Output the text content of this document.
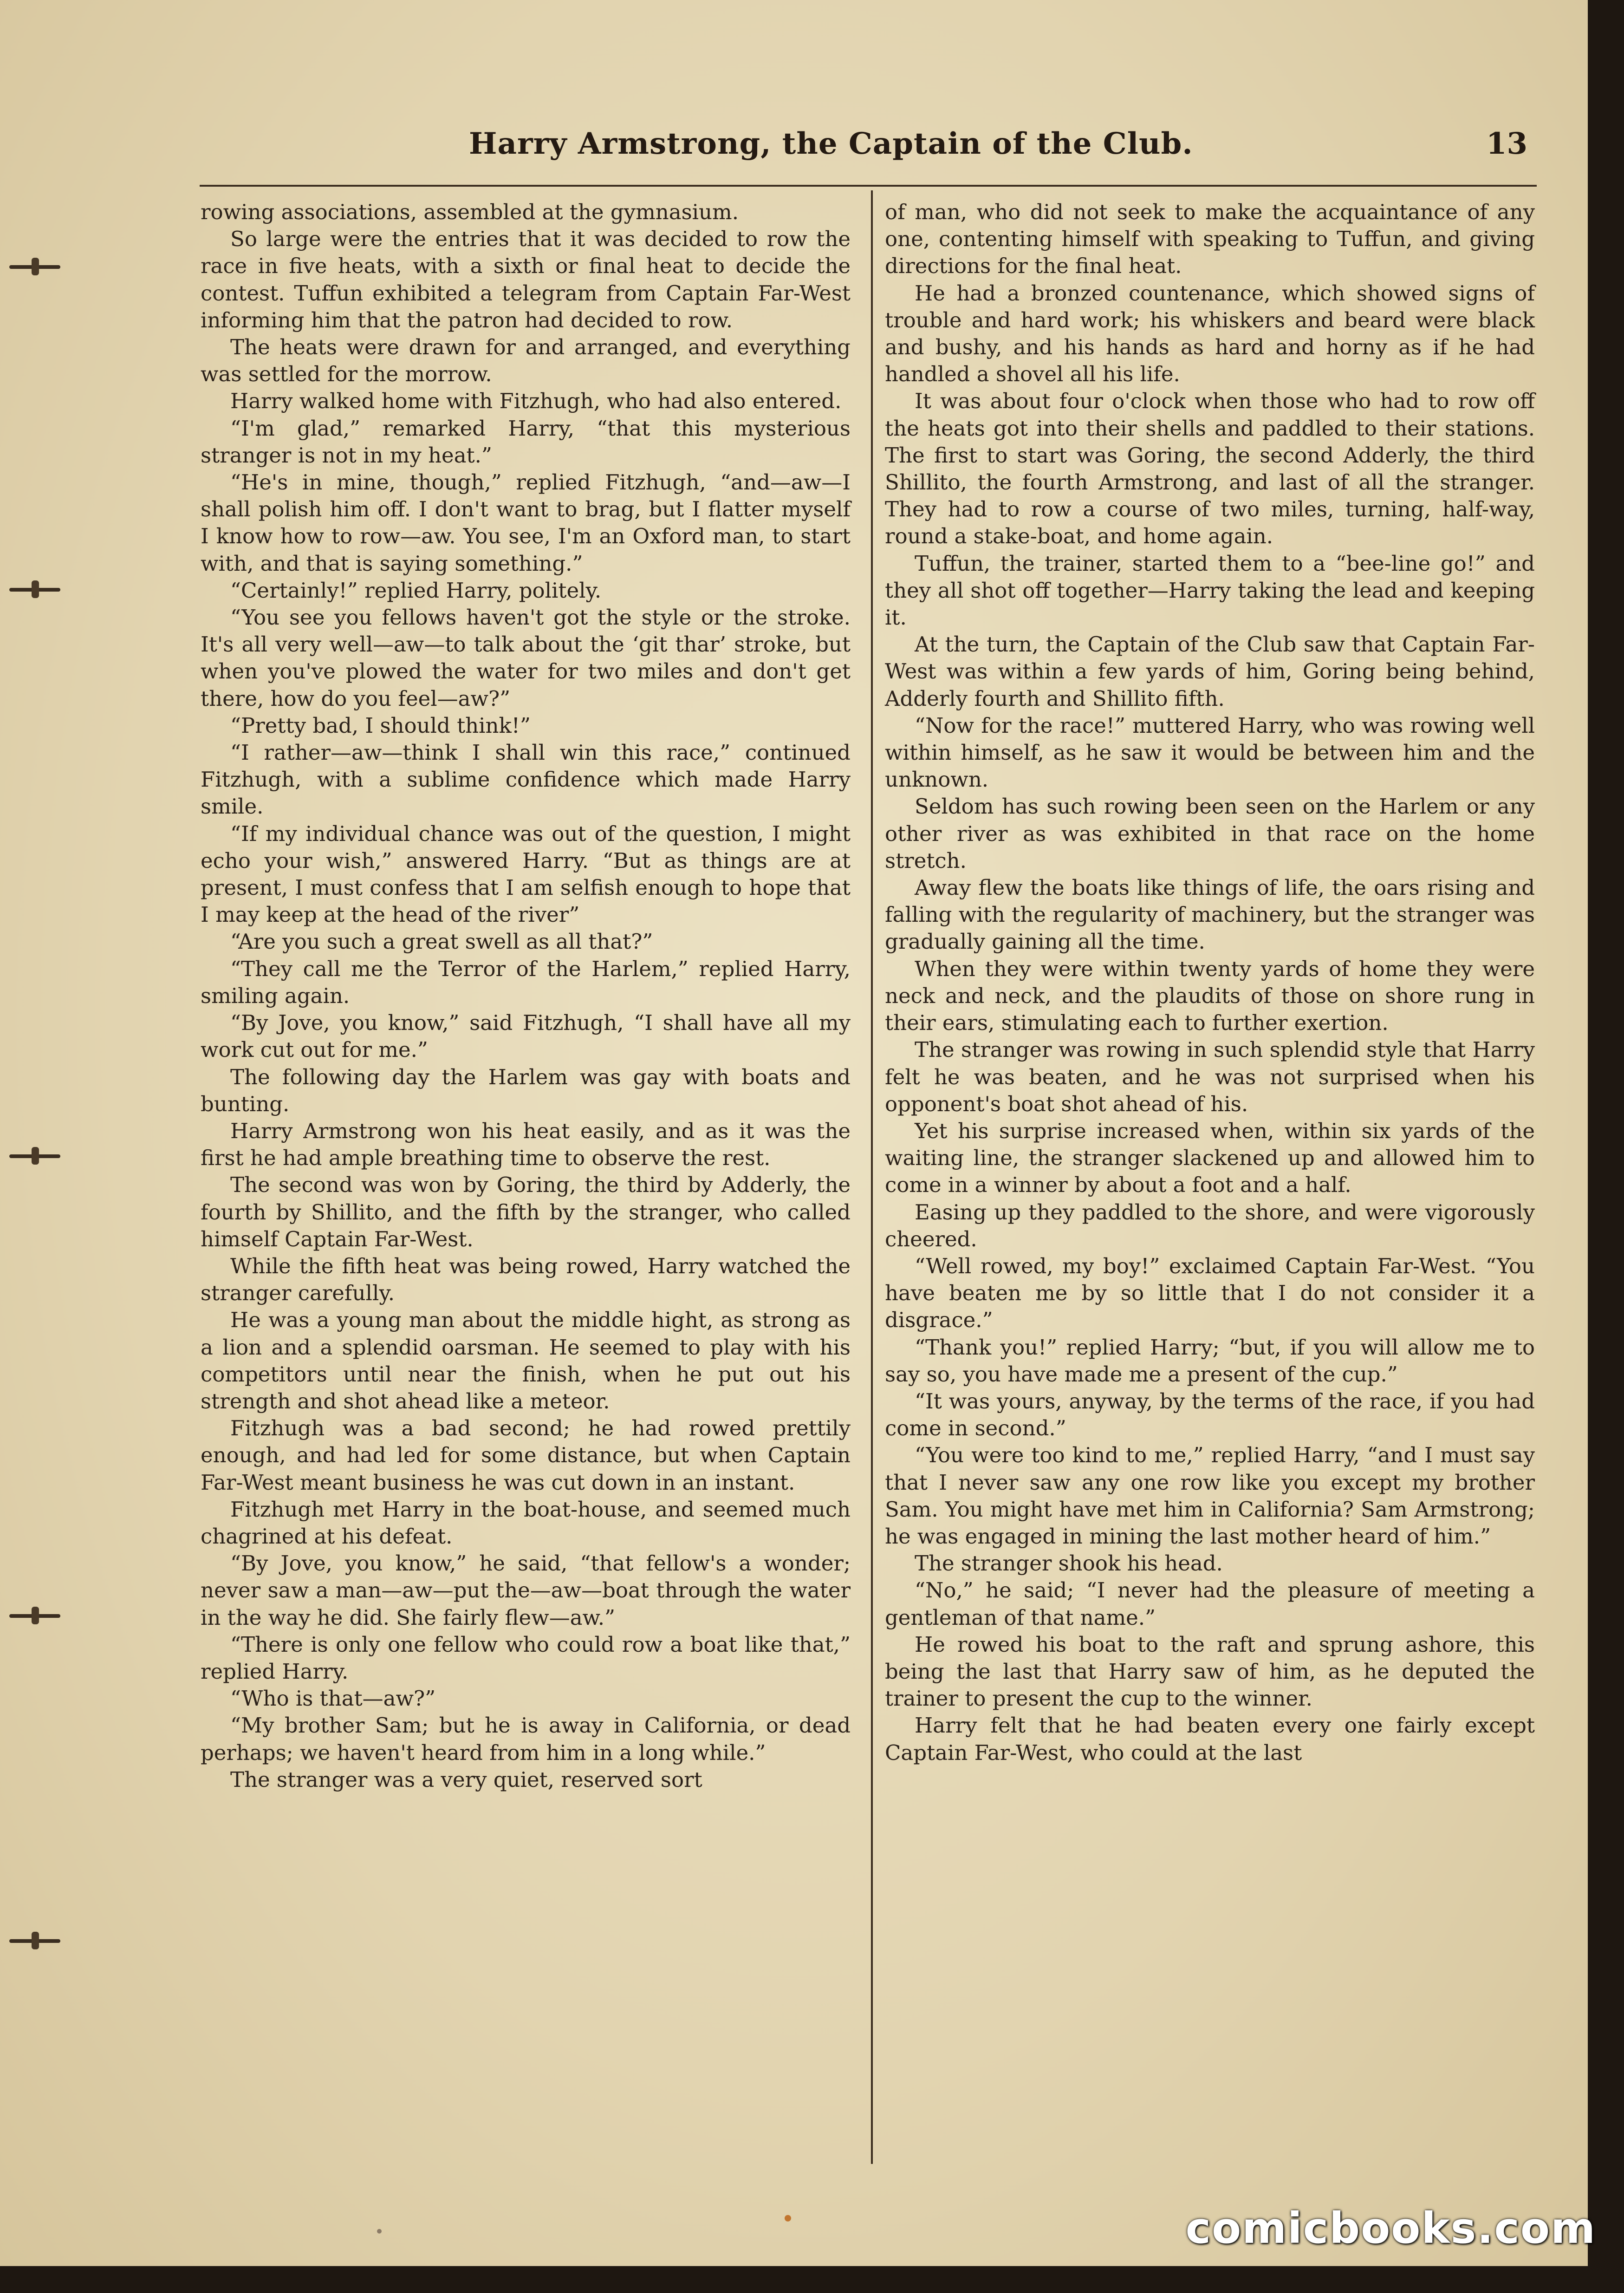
Harry Armstrong, the Captain of the Club.	13

rowing associations, assembled at the gymnasium.

So large were the entries that it was decided to row the race in five heats, with a sixth or final heat to decide the contest. Tuffun exhibited a telegram from Captain Far-West informing him that the patron had decided to row.

The heats were drawn for and arranged, and everything was settled for the morrow.

Harry walked home with Fitzhugh, who had also entered.

“I'm glad,” remarked Harry, “that this mysterious stranger is not in my heat.”

“He's in mine, though,” replied Fitzhugh, “and—aw—I shall polish him off. I don't want to brag, but I flatter myself I know how to row—aw. You see, I'm an Oxford man, to start with, and that is saying something.”

“Certainly!” replied Harry, politely.

“You see you fellows haven't got the style or the stroke. It's all very well—aw—to talk about the ‘git thar’ stroke, but when you've plowed the water for two miles and don't get there, how do you feel—aw?”

“Pretty bad, I should think!”

“I rather—aw—think I shall win this race,” continued Fitzhugh, with a sublime confidence which made Harry smile.

“If my individual chance was out of the question, I might echo your wish,” answered Harry. “But as things are at present, I must confess that I am selfish enough to hope that I may keep at the head of the river”

“Are you such a great swell as all that?”

“They call me the Terror of the Harlem,” replied Harry, smiling again.

“By Jove, you know,” said Fitzhugh, “I shall have all my work cut out for me.”

The following day the Harlem was gay with boats and bunting.

Harry Armstrong won his heat easily, and as it was the first he had ample breathing time to observe the rest.

The second was won by Goring, the third by Adderly, the fourth by Shillito, and the fifth by the stranger, who called himself Captain Far-West.

While the fifth heat was being rowed, Harry watched the stranger carefully.

He was a young man about the middle hight, as strong as a lion and a splendid oarsman. He seemed to play with his competitors until near the finish, when he put out his strength and shot ahead like a meteor.

Fitzhugh was a bad second; he had rowed prettily enough, and had led for some distance, but when Captain Far-West meant business he was cut down in an instant.

Fitzhugh met Harry in the boat-house, and seemed much chagrined at his defeat.

“By Jove, you know,” he said, “that fellow's a wonder; never saw a man—aw—put the—aw—boat through the water in the way he did. She fairly flew—aw.”

“There is only one fellow who could row a boat like that,” replied Harry.

“Who is that—aw?”

“My brother Sam; but he is away in California, or dead perhaps; we haven't heard from him in a long while.”

The stranger was a very quiet, reserved sort

of man, who did not seek to make the acquaintance of any one, contenting himself with speaking to Tuffun, and giving directions for the final heat.

He had a bronzed countenance, which showed signs of trouble and hard work; his whiskers and beard were black and bushy, and his hands as hard and horny as if he had handled a shovel all his life.

It was about four o'clock when those who had to row off the heats got into their shells and paddled to their stations. The first to start was Goring, the second Adderly, the third Shillito, the fourth Armstrong, and last of all the stranger. They had to row a course of two miles, turning, half-way, round a stake-boat, and home again.

Tuffun, the trainer, started them to a “bee-line go!” and they all shot off together—Harry taking the lead and keeping it.

At the turn, the Captain of the Club saw that Captain Far-West was within a few yards of him, Goring being behind, Adderly fourth and Shillito fifth.

“Now for the race!” muttered Harry, who was rowing well within himself, as he saw it would be between him and the unknown.

Seldom has such rowing been seen on the Harlem or any other river as was exhibited in that race on the home stretch.

Away flew the boats like things of life, the oars rising and falling with the regularity of machinery, but the stranger was gradually gaining all the time.

When they were within twenty yards of home they were neck and neck, and the plaudits of those on shore rung in their ears, stimulating each to further exertion.

The stranger was rowing in such splendid style that Harry felt he was beaten, and he was not surprised when his opponent's boat shot ahead of his.

Yet his surprise increased when, within six yards of the waiting line, the stranger slackened up and allowed him to come in a winner by about a foot and a half.

Easing up they paddled to the shore, and were vigorously cheered.

“Well rowed, my boy!” exclaimed Captain Far-West. “You have beaten me by so little that I do not consider it a disgrace.”

“Thank you!” replied Harry; “but, if you will allow me to say so, you have made me a present of the cup.”

“It was yours, anyway, by the terms of the race, if you had come in second.”

“You were too kind to me,” replied Harry, “and I must say that I never saw any one row like you except my brother Sam. You might have met him in California? Sam Armstrong; he was engaged in mining the last mother heard of him.”

The stranger shook his head.

“No,” he said; “I never had the pleasure of meeting a gentleman of that name.”

He rowed his boat to the raft and sprung ashore, this being the last that Harry saw of him, as he deputed the trainer to present the cup to the winner.

Harry felt that he had beaten every one fairly except Captain Far-West, who could at the last

comicbooks.com
